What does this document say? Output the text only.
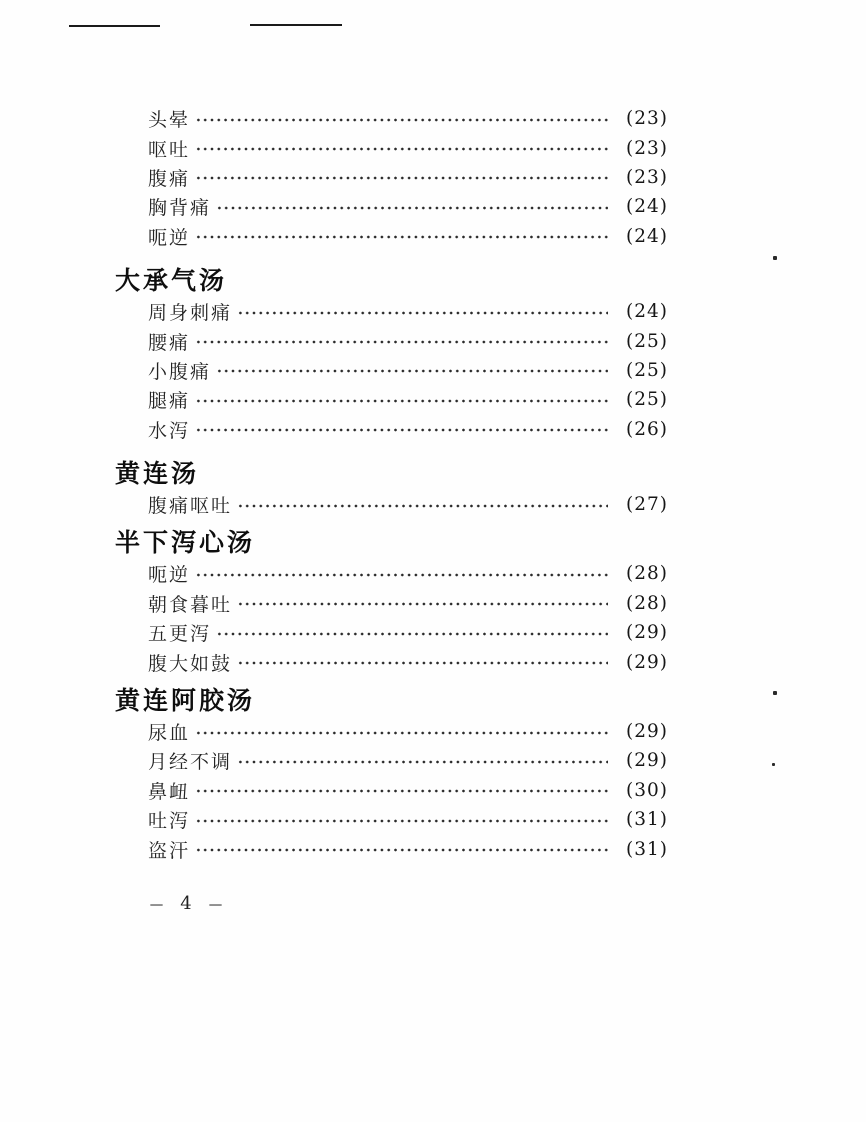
头晕	(23)
呕吐	(23)
腹痛	(23)
胸背痛	(24)
呃逆	(24)
大承气汤
周身刺痛	(24)
腰痛	(25)
小腹痛	(25)
腿痛	(25)
水泻	(26)
黄连汤
腹痛呕吐	(27)
半下泻心汤
呃逆	(28)
朝食暮吐	(28)
五更泻	(29)
腹大如鼓	(29)
黄连阿胶汤
尿血	(29)
月经不调	(29)
鼻衄	(30)
吐泻	(31)
盗汗	(31)
— 4 —
